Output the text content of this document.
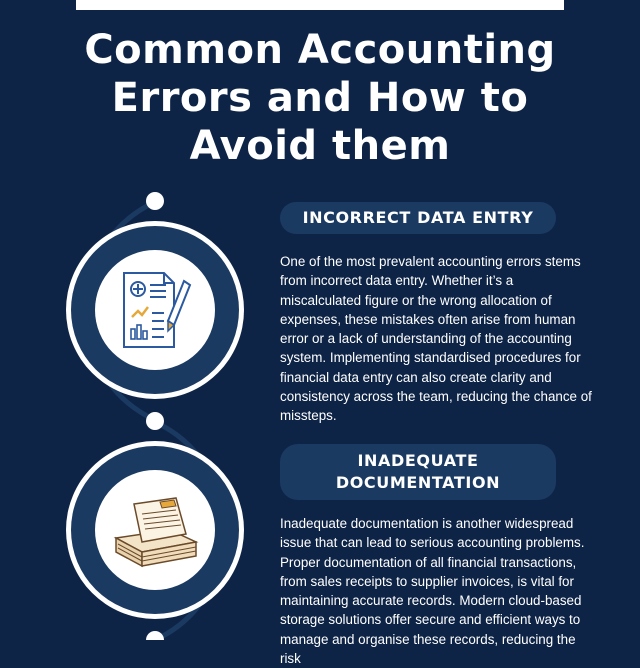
Common Accounting
Errors and How to
Avoid them
INCORRECT DATA ENTRY
One of the most prevalent accounting errors stems from incorrect data entry. Whether it’s a miscalculated figure or the wrong allocation of expenses, these mistakes often arise from human error or a lack of understanding of the accounting system. Implementing standardised procedures for financial data entry can also create clarity and consistency across the team, reducing the chance of missteps.
INADEQUATE
DOCUMENTATION
Inadequate documentation is another widespread issue that can lead to serious accounting problems. Proper documentation of all financial transactions, from sales receipts to supplier invoices, is vital for maintaining accurate records. Modern cloud-based storage solutions offer secure and efficient ways to manage and organise these records, reducing the risk
